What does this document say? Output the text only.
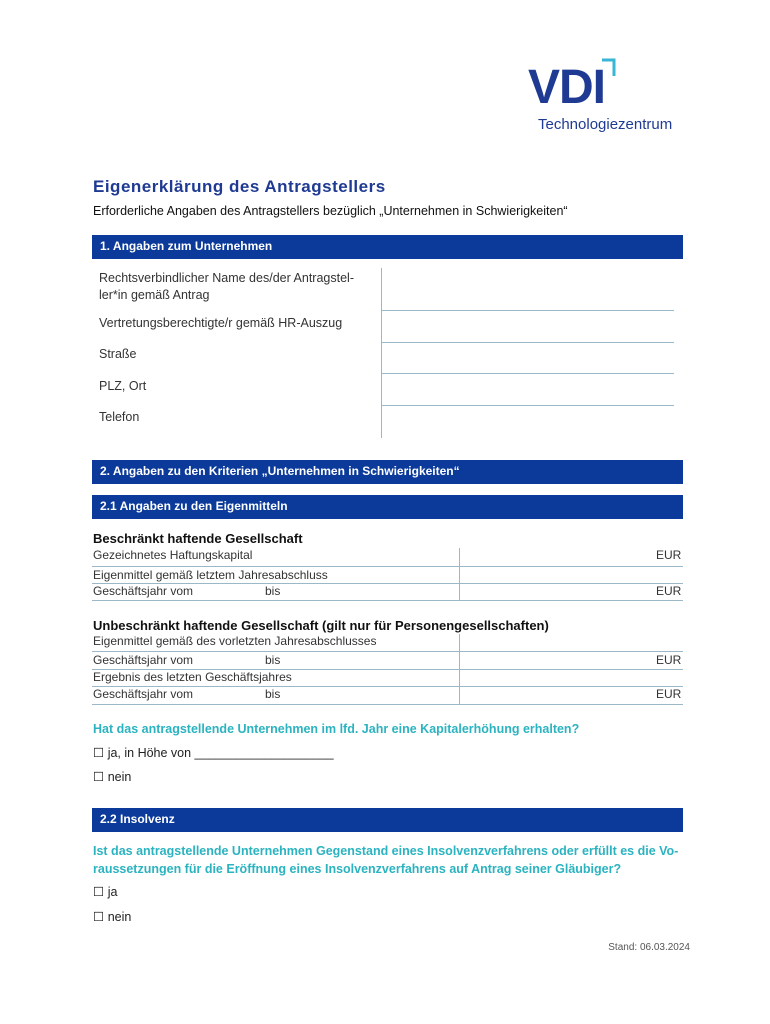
VDI
Technologiezentrum
Eigenerklärung des Antragstellers
Erforderliche Angaben des Antragstellers bezüglich „Unternehmen in Schwierigkeiten“
1. Angaben zum Unternehmen
Rechtsverbindlicher Name des/der Antragstel-
ler*in gemäß Antrag
Vertretungsberechtigte/r gemäß HR-Auszug
Straße
PLZ, Ort
Telefon
2. Angaben zu den Kriterien „Unternehmen in Schwierigkeiten“
2.1 Angaben zu den Eigenmitteln
Beschränkt haftende Gesellschaft
Gezeichnetes Haftungskapital	EUR
Eigenmittel gemäß letztem Jahresabschluss
Geschäftsjahr vom	bis	EUR
Unbeschränkt haftende Gesellschaft (gilt nur für Personengesellschaften)
Eigenmittel gemäß des vorletzten Jahresabschlusses
Geschäftsjahr vom	bis	EUR
Ergebnis des letzten Geschäftsjahres
Geschäftsjahr vom	bis	EUR
Hat das antragstellende Unternehmen im lfd. Jahr eine Kapitalerhöhung erhalten?
☐ ja, in Höhe von ____________________
☐ nein
2.2 Insolvenz
Ist das antragstellende Unternehmen Gegenstand eines Insolvenzverfahrens oder erfüllt es die Vo-
raussetzungen für die Eröffnung eines Insolvenzverfahrens auf Antrag seiner Gläubiger?
☐ ja
☐ nein
Stand: 06.03.2024
